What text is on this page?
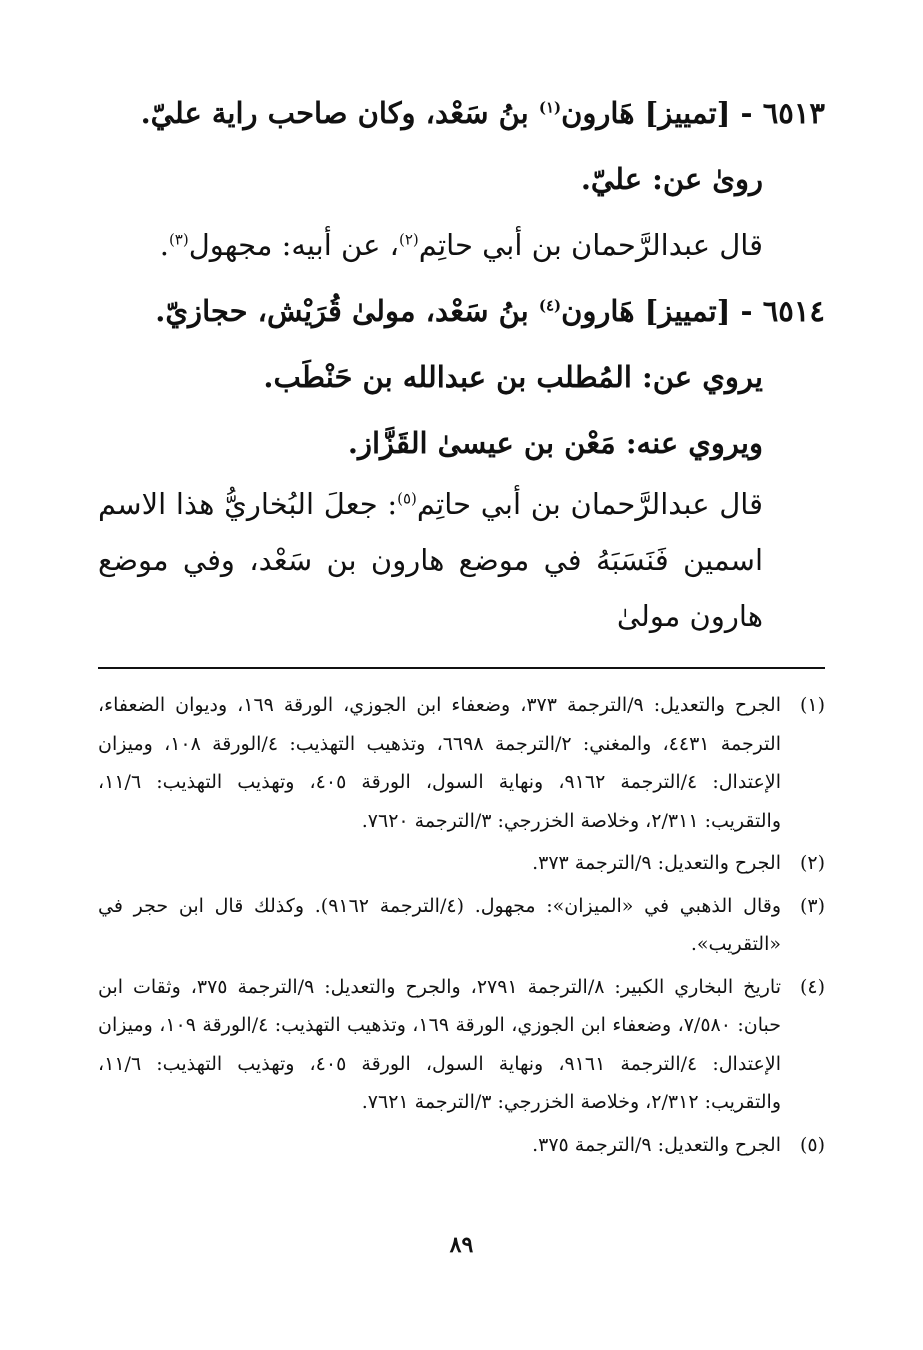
٦٥١٣ - [تمييز] هَارون$^{(١)}$ بنُ سَعْد، وكان صاحب راية عليّ.

روىٰ عن: عليّ.

قال عبدالرَّحمان بن أبي حاتِم$^{(٢)}$، عن أبيه: مجهول$^{(٣)}$.

٦٥١٤ - [تمييز] هَارون$^{(٤)}$ بنُ سَعْد، مولىٰ قُرَيْش، حجازيّ.

يروي عن: المُطلب بن عبدالله بن حَنْطَب.

ويروي عنه: مَعْن بن عيسىٰ القَزَّاز.

قال عبدالرَّحمان بن أبي حاتِم$^{(٥)}$: جعلَ البُخاريُّ هذا الاسم اسمين فَنَسَبَهُ في موضع هارون بن سَعْد، وفي موضع هارون مولىٰ

(١)
الجرح والتعديل: ٩/الترجمة ٣٧٣، وضعفاء ابن الجوزي، الورقة ١٦٩، وديوان الضعفاء، الترجمة ٤٤٣١، والمغني: ٢/الترجمة ٦٦٩٨، وتذهيب التهذيب: ٤/الورقة ١٠٨، وميزان الإعتدال: ٤/الترجمة ٩١٦٢، ونهاية السول، الورقة ٤٠٥، وتهذيب التهذيب: ١١/٦، والتقريب: ٢/٣١١، وخلاصة الخزرجي: ٣/الترجمة ٧٦٢٠.
(٢)
الجرح والتعديل: ٩/الترجمة ٣٧٣.
(٣)
وقال الذهبي في «الميزان»: مجهول. (٤/الترجمة ٩١٦٢). وكذلك قال ابن حجر في «التقريب».
(٤)
تاريخ البخاري الكبير: ٨/الترجمة ٢٧٩١، والجرح والتعديل: ٩/الترجمة ٣٧٥، وثقات ابن حبان: ٧/٥٨٠، وضعفاء ابن الجوزي، الورقة ١٦٩، وتذهيب التهذيب: ٤/الورقة ١٠٩، وميزان الإعتدال: ٤/الترجمة ٩١٦١، ونهاية السول، الورقة ٤٠٥، وتهذيب التهذيب: ١١/٦، والتقريب: ٢/٣١٢، وخلاصة الخزرجي: ٣/الترجمة ٧٦٢١.
(٥)
الجرح والتعديل: ٩/الترجمة ٣٧٥.
٨٩
